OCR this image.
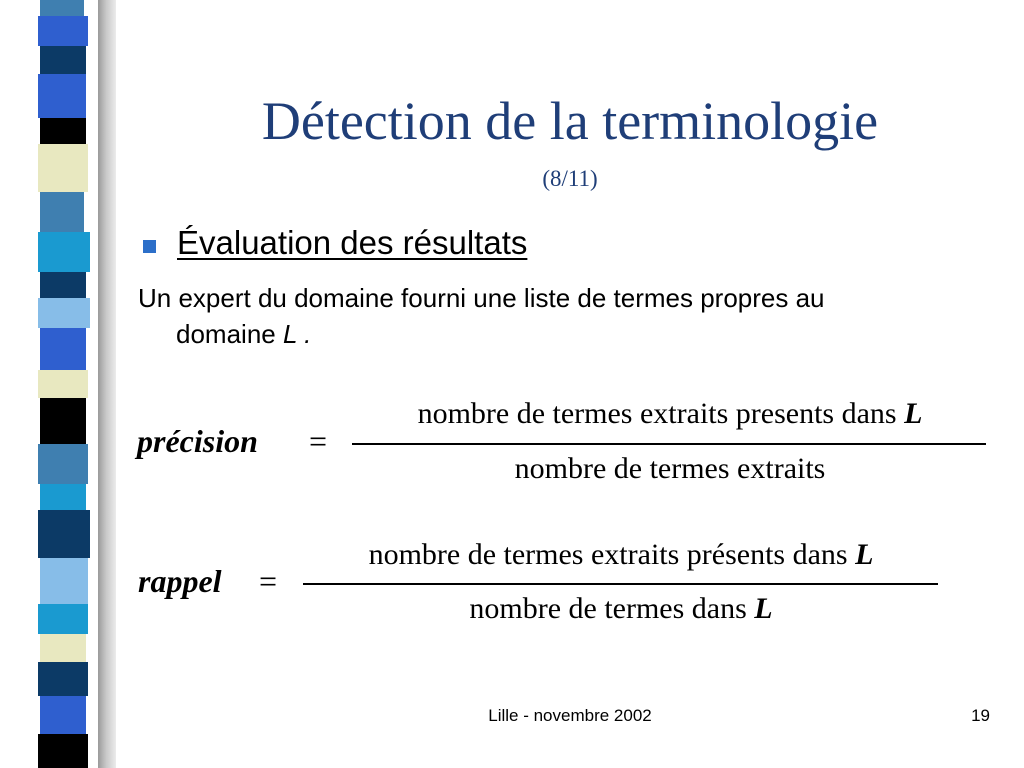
Détection de la terminologie
(8/11)
Évaluation des résultats
Un expert du domaine fourni une liste de termes propres au
domaine L .
précision =
nombre de termes extraits presents dans L
nombre de termes extraits
rappel =
nombre de termes extraits présents dans L
nombre de termes dans L
Lille - novembre 2002	19
